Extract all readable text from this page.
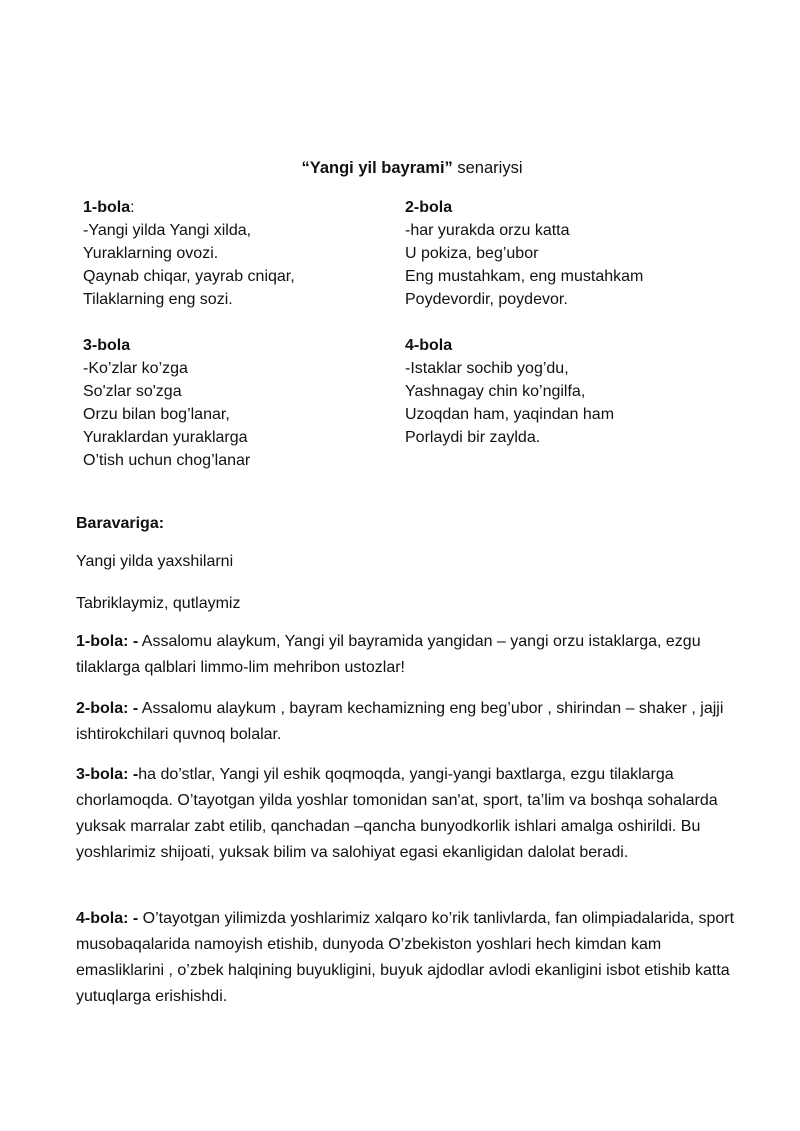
“Yangi yil bayrami” senariysi
1-bola:
-Yangi yilda Yangi xilda,
Yuraklarning ovozi.
Qaynab chiqar, yayrab cniqar,
Tilaklarning eng sozi.
2-bola
-har yurakda orzu katta
U pokiza, beg’ubor
Eng mustahkam, eng mustahkam
Poydevordir, poydevor.
3-bola
-Ko’zlar ko’zga
So'zlar so'zga
Orzu bilan bog’lanar,
Yuraklardan yuraklarga
O’tish uchun chog’lanar
4-bola
-Istaklar sochib yog’du,
Yashnagay chin ko’ngilfa,
Uzoqdan ham, yaqindan ham
Porlaydi bir zaylda.
Baravariga:
Yangi yilda yaxshilarni
Tabriklaymiz, qutlaymiz
1-bola: - Assalomu alaykum, Yangi yil bayramida yangidan – yangi orzu istaklarga, ezgu tilaklarga qalblari limmo-lim mehribon ustozlar!
2-bola: - Assalomu alaykum , bayram kechamizning eng beg’ubor , shirindan – shaker , jajji ishtirokchilari quvnoq bolalar.
3-bola: -ha do’stlar, Yangi yil eshik qoqmoqda, yangi-yangi baxtlarga, ezgu tilaklarga chorlamoqda. O’tayotgan yilda yoshlar tomonidan san'at, sport, ta’lim va boshqa sohalarda yuksak marralar zabt etilib, qanchadan –qancha bunyodkorlik ishlari amalga oshirildi. Bu yoshlarimiz shijoati, yuksak bilim va salohiyat egasi ekanligidan dalolat beradi.
4-bola: - O’tayotgan yilimizda yoshlarimiz xalqaro ko’rik tanlivlarda, fan olimpiadalarida, sport musobaqalarida namoyish etishib, dunyoda O’zbekiston yoshlari hech kimdan kam emasliklarini , o’zbek halqining buyukligini, buyuk ajdodlar avlodi ekanligini isbot etishib katta yutuqlarga erishishdi.
